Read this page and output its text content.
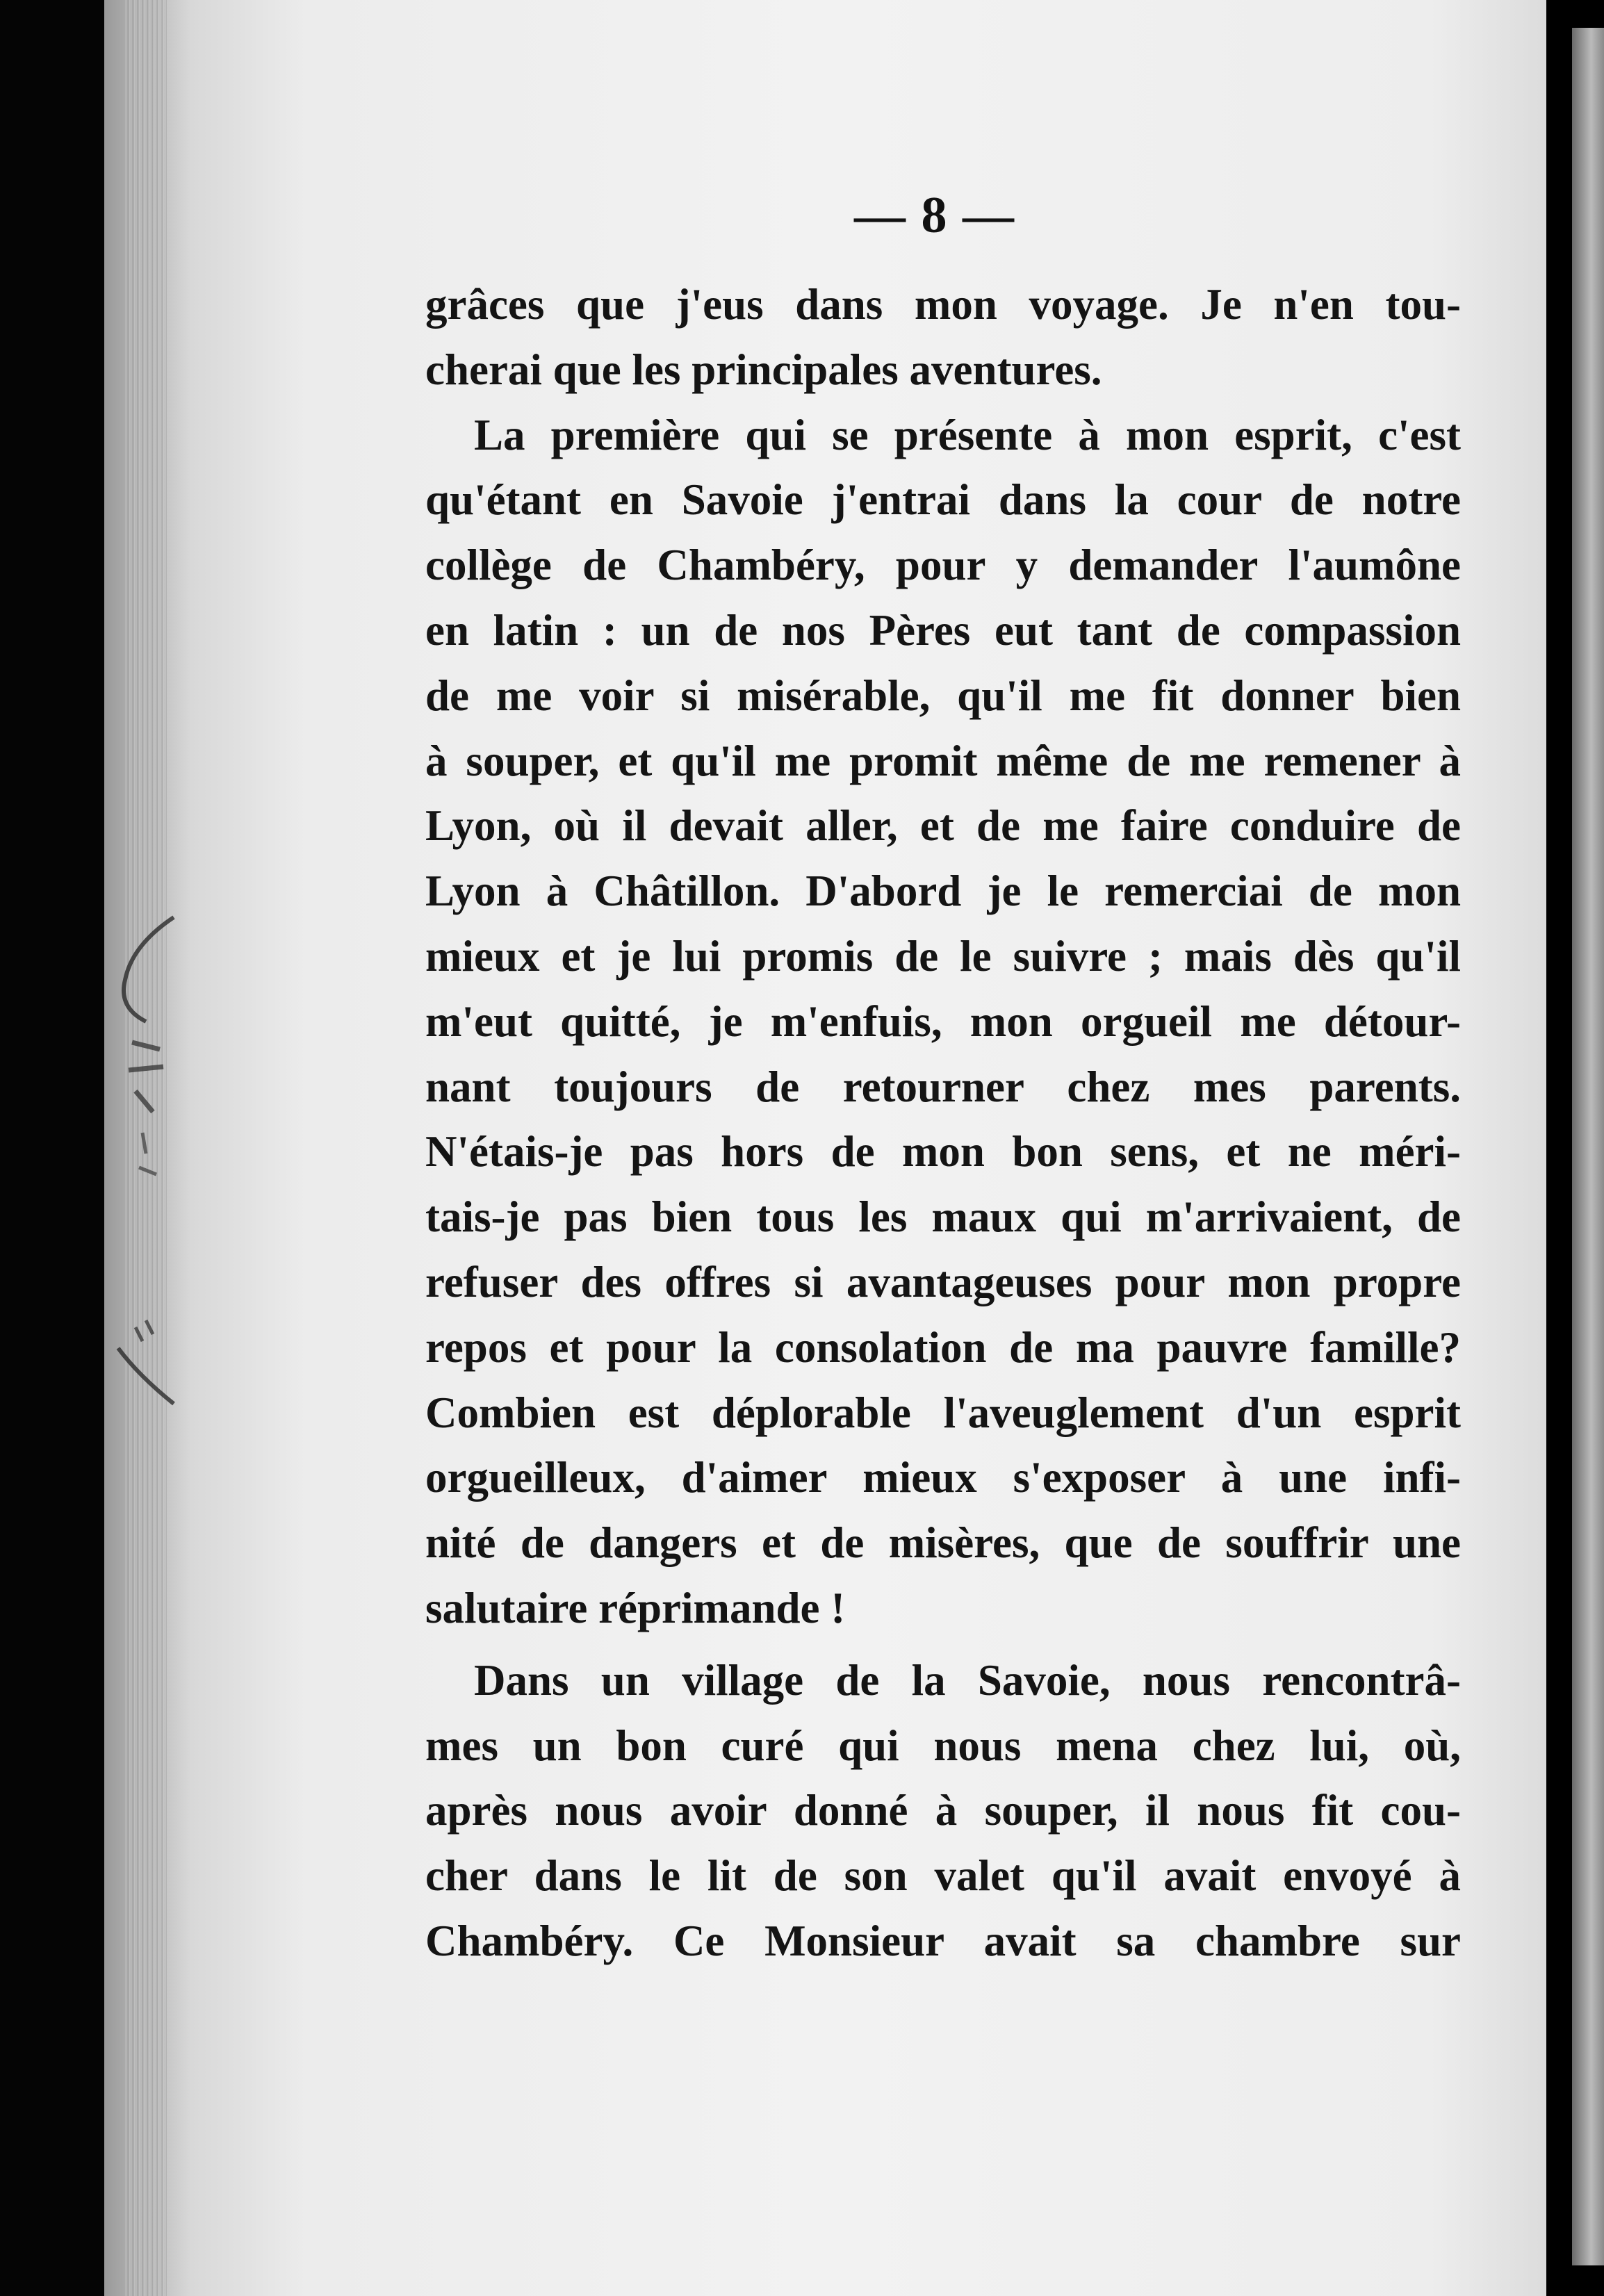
— 8 —
grâces que j'eus dans mon voyage. Je n'en tou-
cherai que les principales aventures.
La première qui se présente à mon esprit, c'est
qu'étant en Savoie j'entrai dans la cour de notre
collège de Chambéry, pour y demander l'aumône
en latin : un de nos Pères eut tant de compassion
de me voir si misérable, qu'il me fit donner bien
à souper, et qu'il me promit même de me remener à
Lyon, où il devait aller, et de me faire conduire de
Lyon à Châtillon. D'abord je le remerciai de mon
mieux et je lui promis de le suivre ; mais dès qu'il
m'eut quitté, je m'enfuis, mon orgueil me détour-
nant toujours de retourner chez mes parents.
N'étais-je pas hors de mon bon sens, et ne méri-
tais-je pas bien tous les maux qui m'arrivaient, de
refuser des offres si avantageuses pour mon propre
repos et pour la consolation de ma pauvre famille?
Combien est déplorable l'aveuglement d'un esprit
orgueilleux, d'aimer mieux s'exposer à une infi-
nité de dangers et de misères, que de souffrir une
salutaire réprimande !
Dans un village de la Savoie, nous rencontrâ-
mes un bon curé qui nous mena chez lui, où,
après nous avoir donné à souper, il nous fit cou-
cher dans le lit de son valet qu'il avait envoyé à
Chambéry. Ce Monsieur avait sa chambre sur
